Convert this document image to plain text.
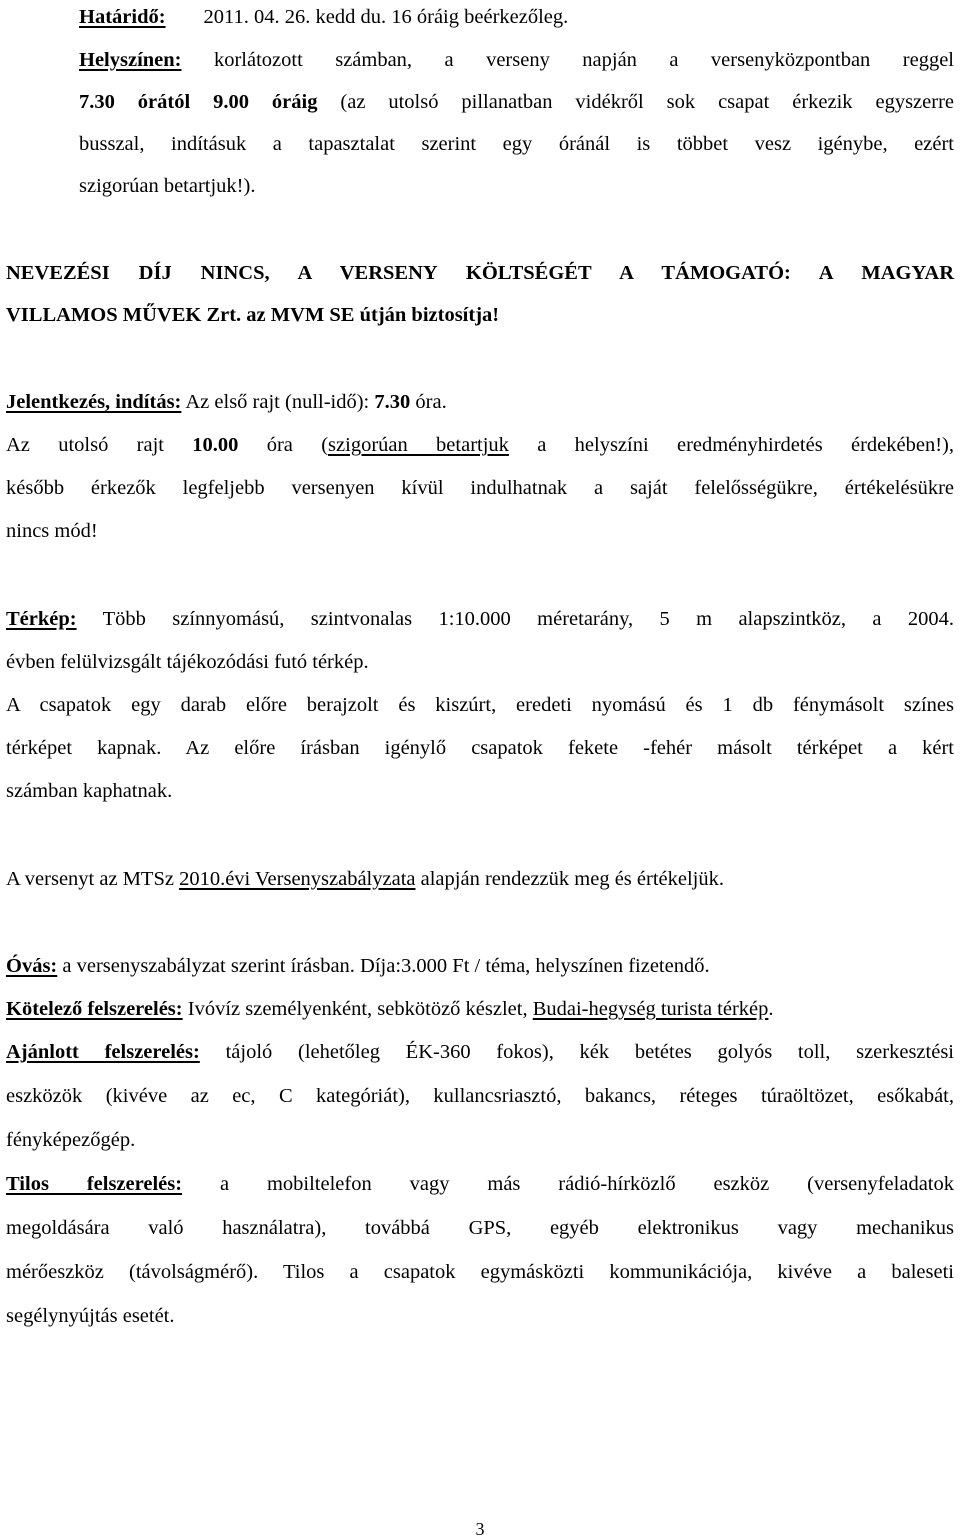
Határidő: 2011. 04. 26. kedd du. 16 óráig beérkezőleg.
Helyszínen: korlátozott számban, a verseny napján a versenyközpontban reggel
7.30 órától 9.00 óráig (az utolsó pillanatban vidékről sok csapat érkezik egyszerre
busszal, indításuk a tapasztalat szerint egy óránál is többet vesz igénybe, ezért
szigorúan betartjuk!).
NEVEZÉSI DÍJ NINCS, A VERSENY KÖLTSÉGÉT A TÁMOGATÓ: A MAGYAR
VILLAMOS MŰVEK Zrt. az MVM SE útján biztosítja!
Jelentkezés, indítás: Az első rajt (null-idő): 7.30 óra.
Az utolsó rajt 10.00 óra (szigorúan betartjuk a helyszíni eredményhirdetés érdekében!),
később érkezők legfeljebb versenyen kívül indulhatnak a saját felelősségükre, értékelésükre
nincs mód!
Térkép: Több színnyomású, szintvonalas 1:10.000 méretarány, 5 m alapszintköz, a 2004.
évben felülvizsgált tájékozódási futó térkép.
A csapatok egy darab előre berajzolt és kiszúrt, eredeti nyomású és 1 db fénymásolt színes
térképet kapnak. Az előre írásban igénylő csapatok fekete -fehér másolt térképet a kért
számban kaphatnak.
A versenyt az MTSz 2010.évi Versenyszabályzata alapján rendezzük meg és értékeljük.
Óvás: a versenyszabályzat szerint írásban. Díja:3.000 Ft / téma, helyszínen fizetendő.
Kötelező felszerelés: Ivóvíz személyenként, sebkötöző készlet, Budai-hegység turista térkép.
Ajánlott felszerelés: tájoló (lehetőleg ÉK-360 fokos), kék betétes golyós toll, szerkesztési
eszközök (kivéve az ec, C kategóriát), kullancsriasztó, bakancs, réteges túraöltözet, esőkabát,
fényképezőgép.
Tilos felszerelés: a mobiltelefon vagy más rádió-hírközlő eszköz (versenyfeladatok
megoldására való használatra), továbbá GPS, egyéb elektronikus vagy mechanikus
mérőeszköz (távolságmérő). Tilos a csapatok egymásközti kommunikációja, kivéve a baleseti
segélynyújtás esetét.
3
